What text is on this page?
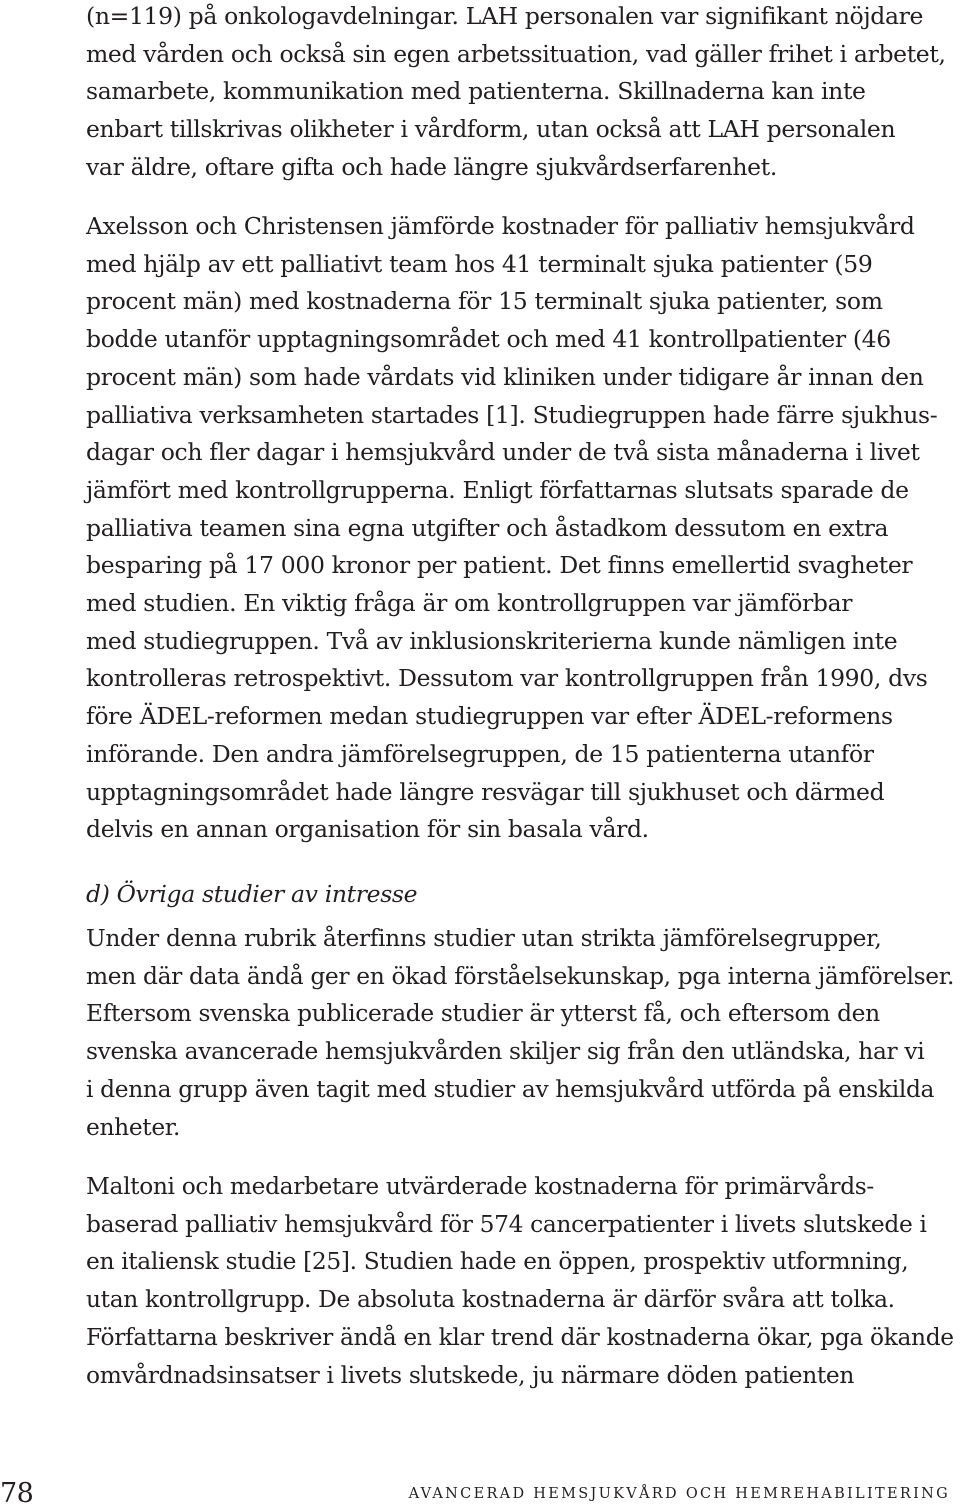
(n=119) på onkologavdelningar. LAH personalen var signifikant nöjdare
med vården och också sin egen arbetssituation, vad gäller frihet i arbetet,
samarbete, kommunikation med patienterna. Skillnaderna kan inte
enbart tillskrivas olikheter i vårdform, utan också att LAH personalen
var äldre, oftare gifta och hade längre sjukvårdserfarenhet.
Axelsson och Christensen jämförde kostnader för palliativ hemsjukvård
med hjälp av ett palliativt team hos 41 terminalt sjuka patienter (59
procent män) med kostnaderna för 15 terminalt sjuka patienter, som
bodde utanför upptagningsområdet och med 41 kontrollpatienter (46
procent män) som hade vårdats vid kliniken under tidigare år innan den
palliativa verksamheten startades [1]. Studiegruppen hade färre sjukhus-
dagar och fler dagar i hemsjukvård under de två sista månaderna i livet
jämfört med kontrollgrupperna. Enligt författarnas slutsats sparade de
palliativa teamen sina egna utgifter och åstadkom dessutom en extra
besparing på 17 000 kronor per patient. Det finns emellertid svagheter
med studien. En viktig fråga är om kontrollgruppen var jämförbar
med studiegruppen. Två av inklusionskriterierna kunde nämligen inte
kontrolleras retrospektivt. Dessutom var kontrollgruppen från 1990, dvs
före ÄDEL-reformen medan studiegruppen var efter ÄDEL-reformens
införande. Den andra jämförelsegruppen, de 15 patienterna utanför
upptagningsområdet hade längre resvägar till sjukhuset och därmed
delvis en annan organisation för sin basala vård.
d) Övriga studier av intresse
Under denna rubrik återfinns studier utan strikta jämförelsegrupper,
men där data ändå ger en ökad förståelsekunskap, pga interna jämförelser.
Eftersom svenska publicerade studier är ytterst få, och eftersom den
svenska avancerade hemsjukvården skiljer sig från den utländska, har vi
i denna grupp även tagit med studier av hemsjukvård utförda på enskilda
enheter.
Maltoni och medarbetare utvärderade kostnaderna för primärvårds-
baserad palliativ hemsjukvård för 574 cancerpatienter i livets slutskede i
en italiensk studie [25]. Studien hade en öppen, prospektiv utformning,
utan kontrollgrupp. De absoluta kostnaderna är därför svåra att tolka.
Författarna beskriver ändå en klar trend där kostnaderna ökar, pga ökande
omvårdnadsinsatser i livets slutskede, ju närmare döden patienten
78	AVANCERAD HEMSJUKVÅRD OCH HEMREHABILITERING
